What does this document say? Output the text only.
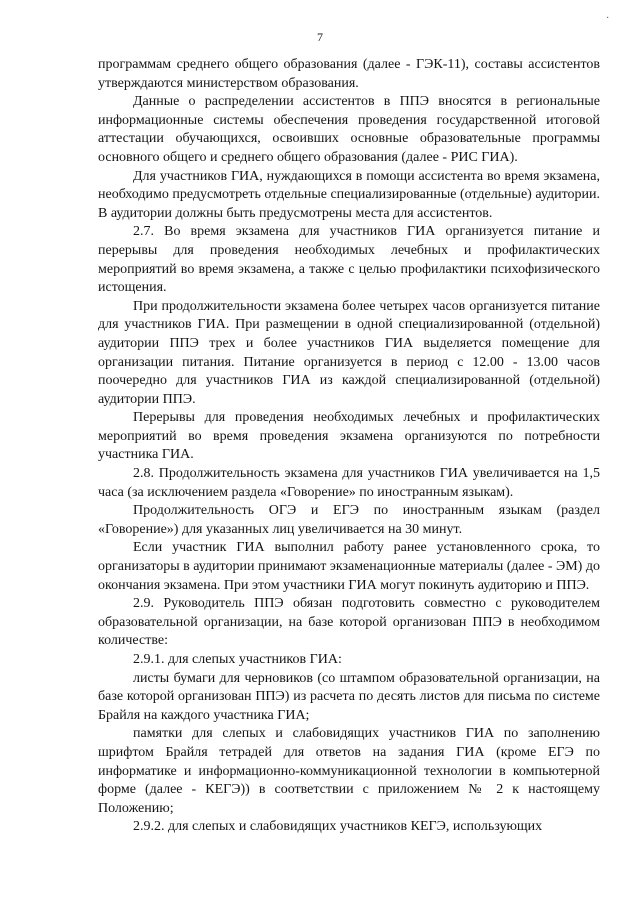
·
7

программам среднего общего образования (далее - ГЭК-11), составы ассистентов утверждаются министерством образования.

Данные о распределении ассистентов в ППЭ вносятся в региональные информационные системы обеспечения проведения государственной итоговой аттестации обучающихся, освоивших основные образовательные программы основного общего и среднего общего образования (далее - РИС ГИА).

Для участников ГИА, нуждающихся в помощи ассистента во время экзамена, необходимо предусмотреть отдельные специализированные (отдельные) аудитории. В аудитории должны быть предусмотрены места для ассистентов.

2.7. Во время экзамена для участников ГИА организуется питание и перерывы для проведения необходимых лечебных и профилактических мероприятий во время экзамена, а также с целью профилактики психофизического истощения.

При продолжительности экзамена более четырех часов организуется питание для участников ГИА. При размещении в одной специализированной (отдельной) аудитории ППЭ трех и более участников ГИА выделяется помещение для организации питания. Питание организуется в период с 12.00 - 13.00 часов поочередно для участников ГИА из каждой специализированной (отдельной) аудитории ППЭ.

Перерывы для проведения необходимых лечебных и профилактических мероприятий во время проведения экзамена организуются по потребности участника ГИА.

2.8. Продолжительность экзамена для участников ГИА увеличивается на 1,5 часа (за исключением раздела «Говорение» по иностранным языкам).

Продолжительность ОГЭ и ЕГЭ по иностранным языкам (раздел «Говорение») для указанных лиц увеличивается на 30 минут.

Если участник ГИА выполнил работу ранее установленного срока, то организаторы в аудитории принимают экзаменационные материалы (далее - ЭМ) до окончания экзамена. При этом участники ГИА могут покинуть аудиторию и ППЭ.

2.9. Руководитель ППЭ обязан подготовить совместно с руководителем образовательной организации, на базе которой организован ППЭ в необходимом количестве:

2.9.1. для слепых участников ГИА:

листы бумаги для черновиков (со штампом образовательной организации, на базе которой организован ППЭ) из расчета по десять листов для письма по системе Брайля на каждого участника ГИА;

памятки для слепых и слабовидящих участников ГИА по заполнению шрифтом Брайля тетрадей для ответов на задания ГИА (кроме ЕГЭ по информатике и информационно-коммуникационной технологии в компьютерной форме (далее - КЕГЭ)) в соответствии с приложением № 2 к настоящему Положению;

2.9.2. для слепых и слабовидящих участников КЕГЭ, использующих
